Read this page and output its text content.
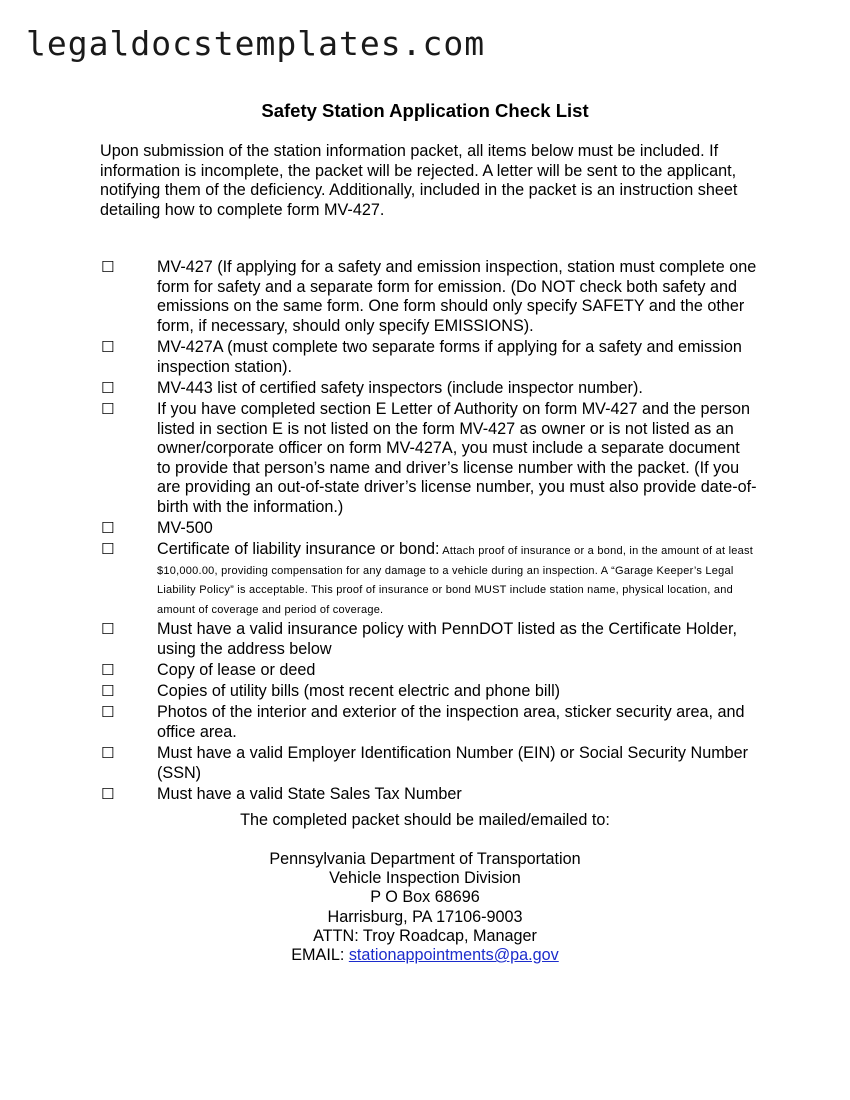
legaldocstemplates.com
Safety Station Application Check List
Upon submission of the station information packet, all items below must be included. If information is incomplete, the packet will be rejected. A letter will be sent to the applicant, notifying them of the deficiency. Additionally, included in the packet is an instruction sheet detailing how to complete form MV-427.
☐	MV-427 (If applying for a safety and emission inspection, station must complete one form for safety and a separate form for emission. (Do NOT check both safety and emissions on the same form. One form should only specify SAFETY and the other form, if necessary, should only specify EMISSIONS).
☐	MV-427A (must complete two separate forms if applying for a safety and emission inspection station).
☐	MV-443 list of certified safety inspectors (include inspector number).
☐	If you have completed section E Letter of Authority on form MV-427 and the person listed in section E is not listed on the form MV-427 as owner or is not listed as an owner/corporate officer on form MV-427A, you must include a separate document to provide that person’s name and driver’s license number with the packet. (If you are providing an out-of-state driver’s license number, you must also provide date-of-birth with the information.)
☐	MV-500
☐	Certificate of liability insurance or bond: Attach proof of insurance or a bond, in the amount of at least $10,000.00, providing compensation for any damage to a vehicle during an inspection. A “Garage Keeper’s Legal Liability Policy” is acceptable. This proof of insurance or bond MUST include station name, physical location, and amount of coverage and period of coverage.
☐	Must have a valid insurance policy with PennDOT listed as the Certificate Holder, using the address below
☐	Copy of lease or deed
☐	Copies of utility bills (most recent electric and phone bill)
☐	Photos of the interior and exterior of the inspection area, sticker security area, and office area.
☐	Must have a valid Employer Identification Number (EIN) or Social Security Number (SSN)
☐	Must have a valid State Sales Tax Number
The completed packet should be mailed/emailed to:
Pennsylvania Department of Transportation
Vehicle Inspection Division
P O Box 68696
Harrisburg, PA 17106-9003
ATTN: Troy Roadcap, Manager
EMAIL: stationappointments@pa.gov
